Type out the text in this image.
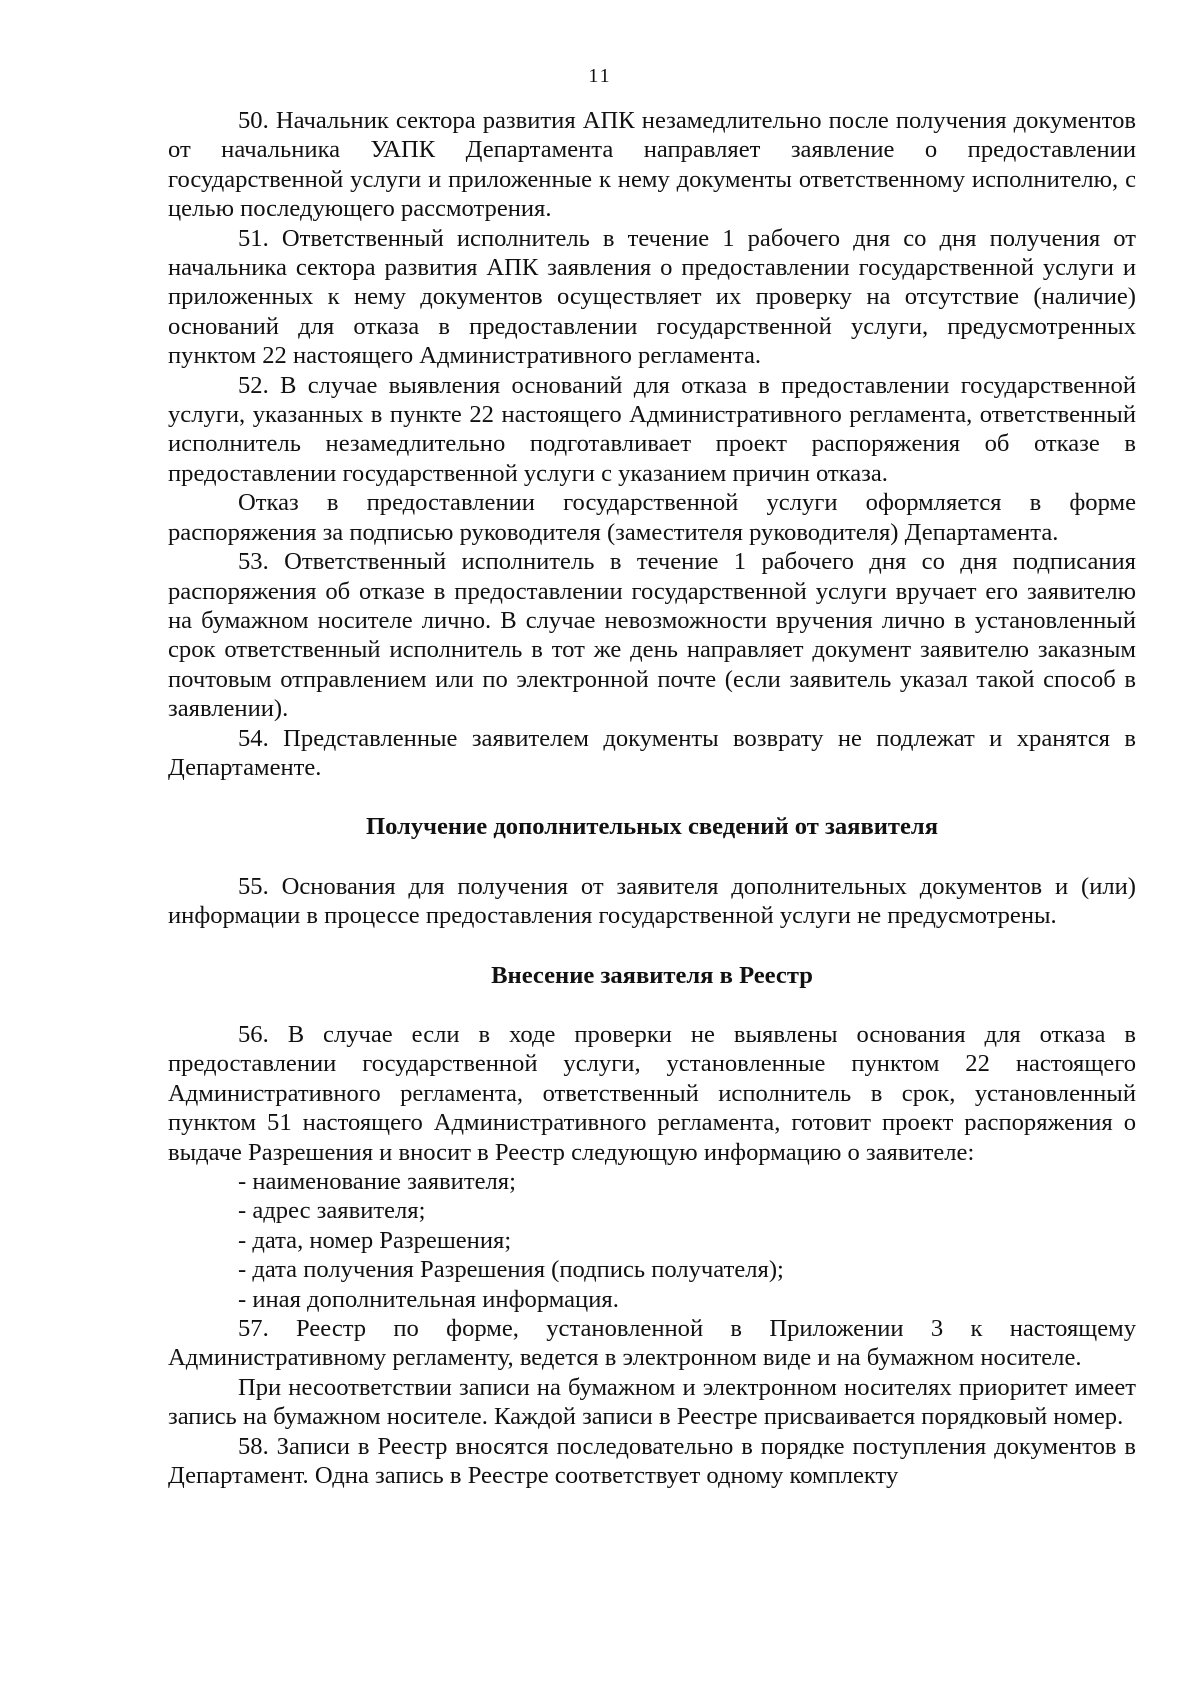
11

50. Начальник сектора развития АПК незамедлительно после получения документов от начальника УАПК Департамента направляет заявление о предоставлении государственной услуги и приложенные к нему документы ответственному исполнителю, с целью последующего рассмотрения.

51. Ответственный исполнитель в течение 1 рабочего дня со дня получения от начальника сектора развития АПК заявления о предоставлении государственной услуги и приложенных к нему документов осуществляет их проверку на отсутствие (наличие) оснований для отказа в предоставлении государственной услуги, предусмотренных пунктом 22 настоящего Административного регламента.

52. В случае выявления оснований для отказа в предоставлении государственной услуги, указанных в пункте 22 настоящего Административного регламента, ответственный исполнитель незамедлительно подготавливает проект распоряжения об отказе в предоставлении государственной услуги с указанием причин отказа.

Отказ в предоставлении государственной услуги оформляется в форме распоряжения за подписью руководителя (заместителя руководителя) Департамента.

53. Ответственный исполнитель в течение 1 рабочего дня со дня подписания распоряжения об отказе в предоставлении государственной услуги вручает его заявителю на бумажном носителе лично. В случае невозможности вручения лично в установленный срок ответственный исполнитель в тот же день направляет документ заявителю заказным почтовым отправлением или по электронной почте (если заявитель указал такой способ в заявлении).

54. Представленные заявителем документы возврату не подлежат и хранятся в Департаменте.

Получение дополнительных сведений от заявителя

55. Основания для получения от заявителя дополнительных документов и (или) информации в процессе предоставления государственной услуги не предусмотрены.

Внесение заявителя в Реестр

56. В случае если в ходе проверки не выявлены основания для отказа в предоставлении государственной услуги, установленные пунктом 22 настоящего Административного регламента, ответственный исполнитель в срок, установленный пунктом 51 настоящего Административного регламента, готовит проект распоряжения о выдаче Разрешения и вносит в Реестр следующую информацию о заявителе:

- наименование заявителя;

- адрес заявителя;

- дата, номер Разрешения;

- дата получения Разрешения (подпись получателя);

- иная дополнительная информация.

57. Реестр по форме, установленной в Приложении 3 к настоящему Административному регламенту, ведется в электронном виде и на бумажном носителе.

При несоответствии записи на бумажном и электронном носителях приоритет имеет запись на бумажном носителе. Каждой записи в Реестре присваивается порядковый номер.

58. Записи в Реестр вносятся последовательно в порядке поступления документов в Департамент. Одна запись в Реестре соответствует одному комплекту
